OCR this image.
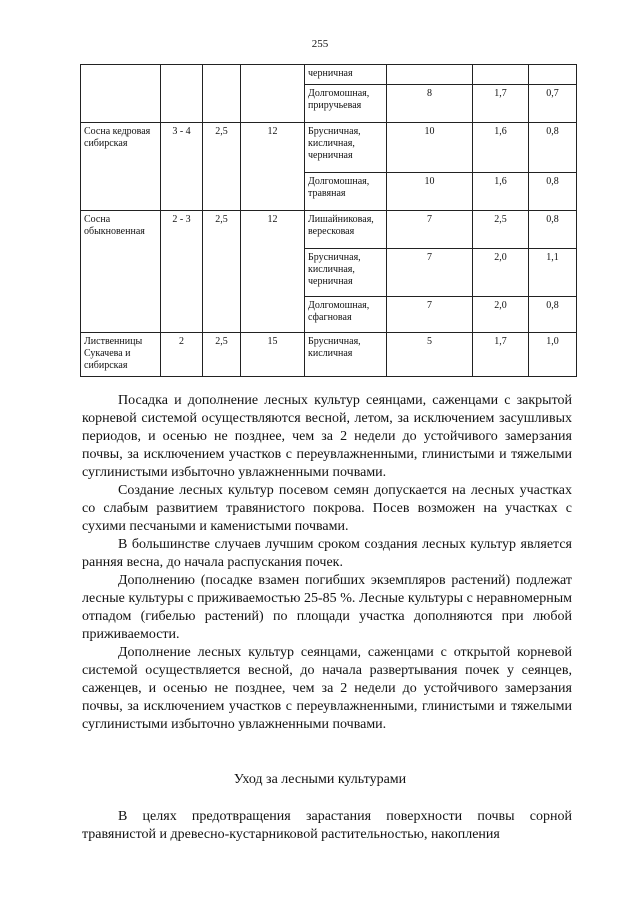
255
				черничная			
				Долгомошная, приручьевая	8	1,7	0,7
Сосна кедровая сибирская	3 - 4	2,5	12	Брусничная, кисличная, черничная	10	1,6	0,8
				Долгомошная, травяная	10	1,6	0,8
Сосна обыкновенная	2 - 3	2,5	12	Лишайниковая, вересковая	7	2,5	0,8
				Брусничная, кисличная, черничная	7	2,0	1,1
				Долгомошная, сфагновая	7	2,0	0,8
Лиственницы Сукачева и сибирская	2	2,5	15	Брусничная, кисличная	5	1,7	1,0

Посадка и дополнение лесных культур сеянцами, саженцами с закрытой корневой системой осуществляются весной, летом, за исключением засушливых периодов, и осенью не позднее, чем за 2 недели до устойчивого замерзания почвы, за исключением участков с переувлажненными, глинистыми и тяжелыми суглинистыми избыточно увлажненными почвами.

Создание лесных культур посевом семян допускается на лесных участках со слабым развитием травянистого покрова. Посев возможен на участках с сухими песчаными и каменистыми почвами.

В большинстве случаев лучшим сроком создания лесных культур является ранняя весна, до начала распускания почек.

Дополнению (посадке взамен погибших экземпляров растений) подлежат лесные культуры с приживаемостью 25-85 %. Лесные культуры с неравномерным отпадом (гибелью растений) по площади участка дополняются при любой приживаемости.

Дополнение лесных культур сеянцами, саженцами с открытой корневой системой осуществляется весной, до начала развертывания почек у сеянцев, саженцев, и осенью не позднее, чем за 2 недели до устойчивого замерзания почвы, за исключением участков с переувлажненными, глинистыми и тяжелыми суглинистыми избыточно увлажненными почвами.

Уход за лесными культурами
В целях предотвращения зарастания поверхности почвы сорной травянистой и древесно-кустарниковой растительностью, накопления
